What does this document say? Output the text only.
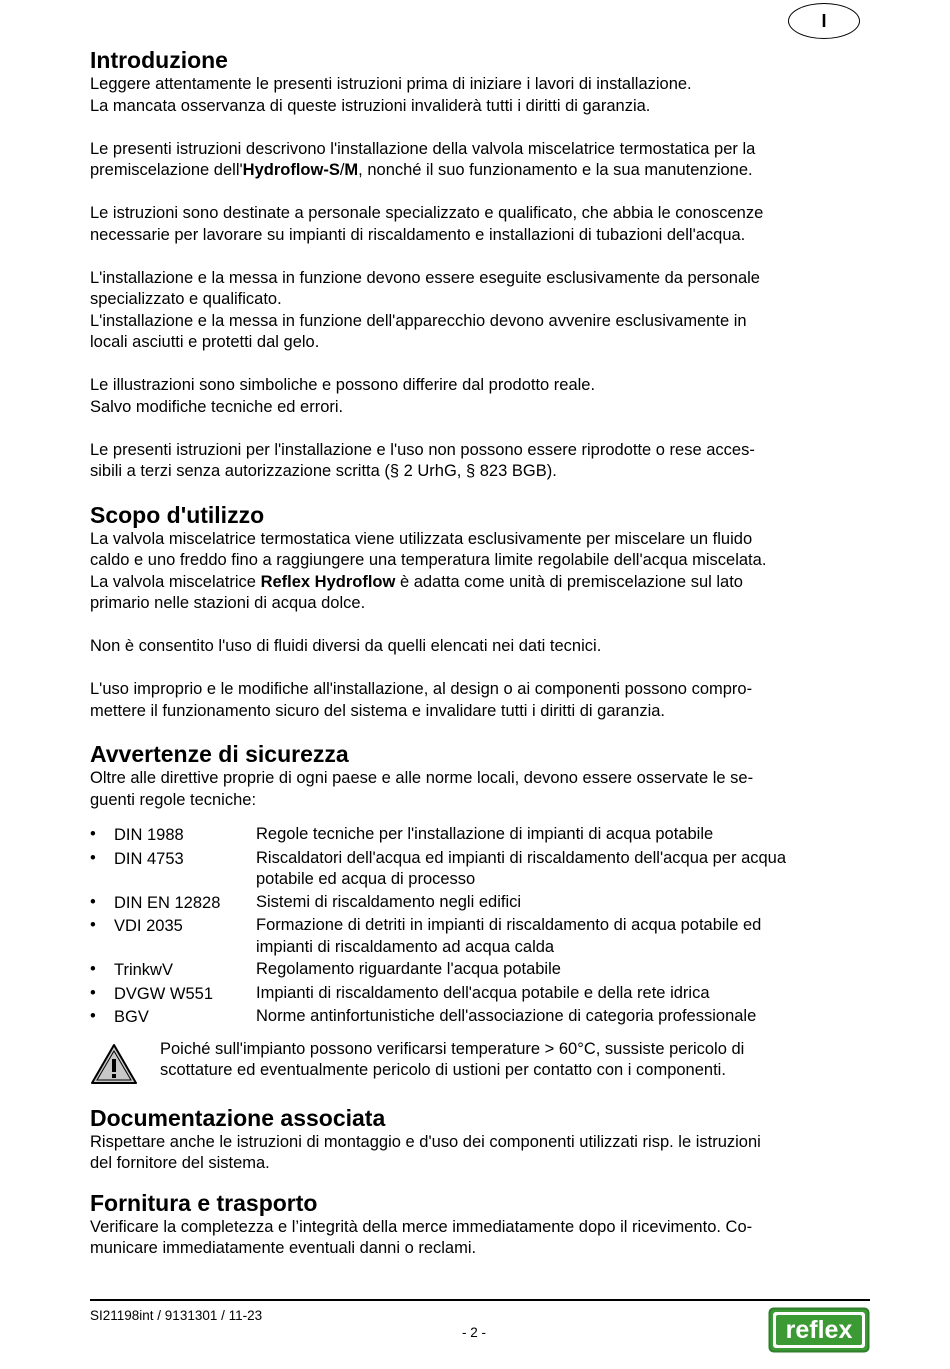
I
Introduzione

Leggere attentamente le presenti istruzioni prima di iniziare i lavori di installazione.
La mancata osservanza di queste istruzioni invaliderà tutti i diritti di garanzia.

Le presenti istruzioni descrivono l'installazione della valvola miscelatrice termostatica per la
premiscelazione dell'Hydroflow-S/M, nonché il suo funzionamento e la sua manutenzione.

Le istruzioni sono destinate a personale specializzato e qualificato, che abbia le conoscenze
necessarie per lavorare su impianti di riscaldamento e installazioni di tubazioni dell'acqua.

L'installazione e la messa in funzione devono essere eseguite esclusivamente da personale
specializzato e qualificato.
L'installazione e la messa in funzione dell'apparecchio devono avvenire esclusivamente in
locali asciutti e protetti dal gelo.

Le illustrazioni sono simboliche e possono differire dal prodotto reale.
Salvo modifiche tecniche ed errori.

Le presenti istruzioni per l'installazione e l'uso non possono essere riprodotte o rese acces-
sibili a terzi senza autorizzazione scritta (§ 2 UrhG, § 823 BGB).

Scopo d'utilizzo

La valvola miscelatrice termostatica viene utilizzata esclusivamente per miscelare un fluido
caldo e uno freddo fino a raggiungere una temperatura limite regolabile dell'acqua miscelata.
La valvola miscelatrice Reflex Hydroflow è adatta come unità di premiscelazione sul lato
primario nelle stazioni di acqua dolce.

Non è consentito l'uso di fluidi diversi da quelli elencati nei dati tecnici.

L'uso improprio e le modifiche all'installazione, al design o ai componenti possono compro-
mettere il funzionamento sicuro del sistema e invalidare tutti i diritti di garanzia.

Avvertenze di sicurezza

Oltre alle direttive proprie di ogni paese e alle norme locali, devono essere osservate le se-
guenti regole tecniche:

•	DIN 1988	Regole tecniche per l'installazione di impianti di acqua potabile
•	DIN 4753	Riscaldatori dell'acqua ed impianti di riscaldamento dell'acqua per acqua
potabile ed acqua di processo
•	DIN EN 12828	Sistemi di riscaldamento negli edifici
•	VDI 2035	Formazione di detriti in impianti di riscaldamento di acqua potabile ed
impianti di riscaldamento ad acqua calda
•	TrinkwV	Regolamento riguardante l'acqua potabile
•	DVGW W551	Impianti di riscaldamento dell'acqua potabile e della rete idrica
•	BGV	Norme antinfortunistiche dell'associazione di categoria professionale

Poiché sull'impianto possono verificarsi temperature > 60°C, sussiste pericolo di
scottature ed eventualmente pericolo di ustioni per contatto con i componenti.

Documentazione associata

Rispettare anche le istruzioni di montaggio e d'uso dei componenti utilizzati risp. le istruzioni
del fornitore del sistema.

Fornitura e trasporto

Verificare la completezza e l’integrità della merce immediatamente dopo il ricevimento. Co-
municare immediatamente eventuali danni o reclami.

SI21198int / 9131301 / 11-23
- 2 -	reflex
